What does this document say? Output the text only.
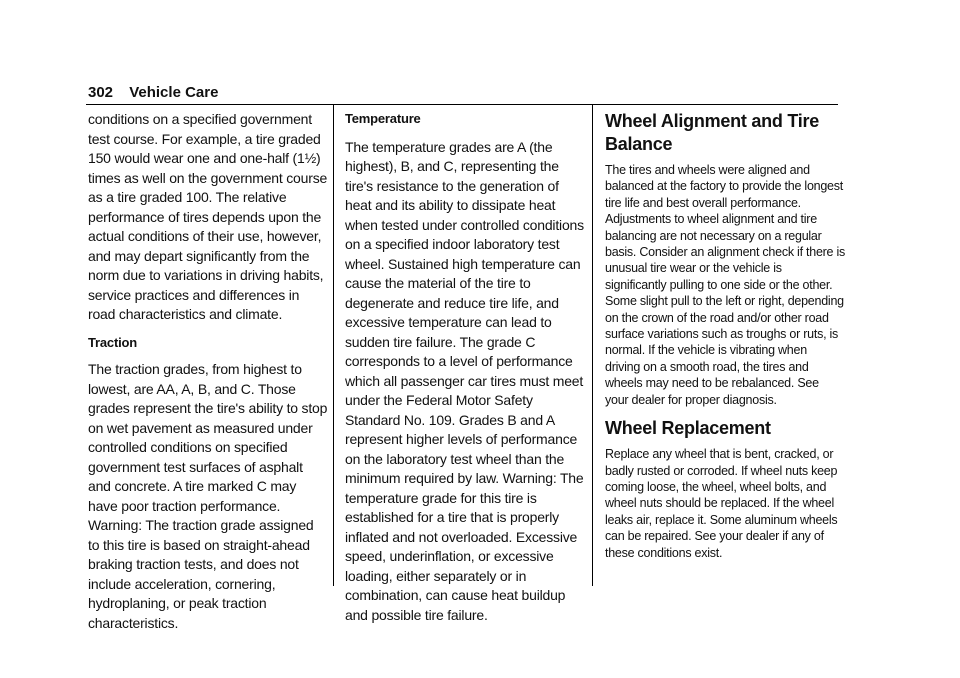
302 Vehicle Care

conditions on a specified government test course. For example, a tire graded 150 would wear one and one-half (1½) times as well on the government course as a tire graded 100. The relative performance of tires depends upon the actual conditions of their use, however, and may depart significantly from the norm due to variations in driving habits, service practices and differences in road characteristics and climate.

Traction

The traction grades, from highest to lowest, are AA, A, B, and C. Those grades represent the tire's ability to stop on wet pavement as measured under controlled conditions on specified government test surfaces of asphalt and concrete. A tire marked C may have poor traction performance. Warning: The traction grade assigned to this tire is based on straight-ahead braking traction tests, and does not include acceleration, cornering, hydroplaning, or peak traction characteristics.

Temperature

The temperature grades are A (the highest), B, and C, representing the tire's resistance to the generation of heat and its ability to dissipate heat when tested under controlled conditions on a specified indoor laboratory test wheel. Sustained high temperature can cause the material of the tire to degenerate and reduce tire life, and excessive temperature can lead to sudden tire failure. The grade C corresponds to a level of performance which all passenger car tires must meet under the Federal Motor Safety Standard No. 109. Grades B and A represent higher levels of performance on the laboratory test wheel than the minimum required by law. Warning: The temperature grade for this tire is established for a tire that is properly inflated and not overloaded. Excessive speed, underinflation, or excessive loading, either separately or in combination, can cause heat buildup and possible tire failure.

Wheel Alignment and Tire Balance

The tires and wheels were aligned and balanced at the factory to provide the longest tire life and best overall performance. Adjustments to wheel alignment and tire balancing are not necessary on a regular basis. Consider an alignment check if there is unusual tire wear or the vehicle is significantly pulling to one side or the other. Some slight pull to the left or right, depending on the crown of the road and/or other road surface variations such as troughs or ruts, is normal. If the vehicle is vibrating when driving on a smooth road, the tires and wheels may need to be rebalanced. See your dealer for proper diagnosis.

Wheel Replacement

Replace any wheel that is bent, cracked, or badly rusted or corroded. If wheel nuts keep coming loose, the wheel, wheel bolts, and wheel nuts should be replaced. If the wheel leaks air, replace it. Some aluminum wheels can be repaired. See your dealer if any of these conditions exist.
